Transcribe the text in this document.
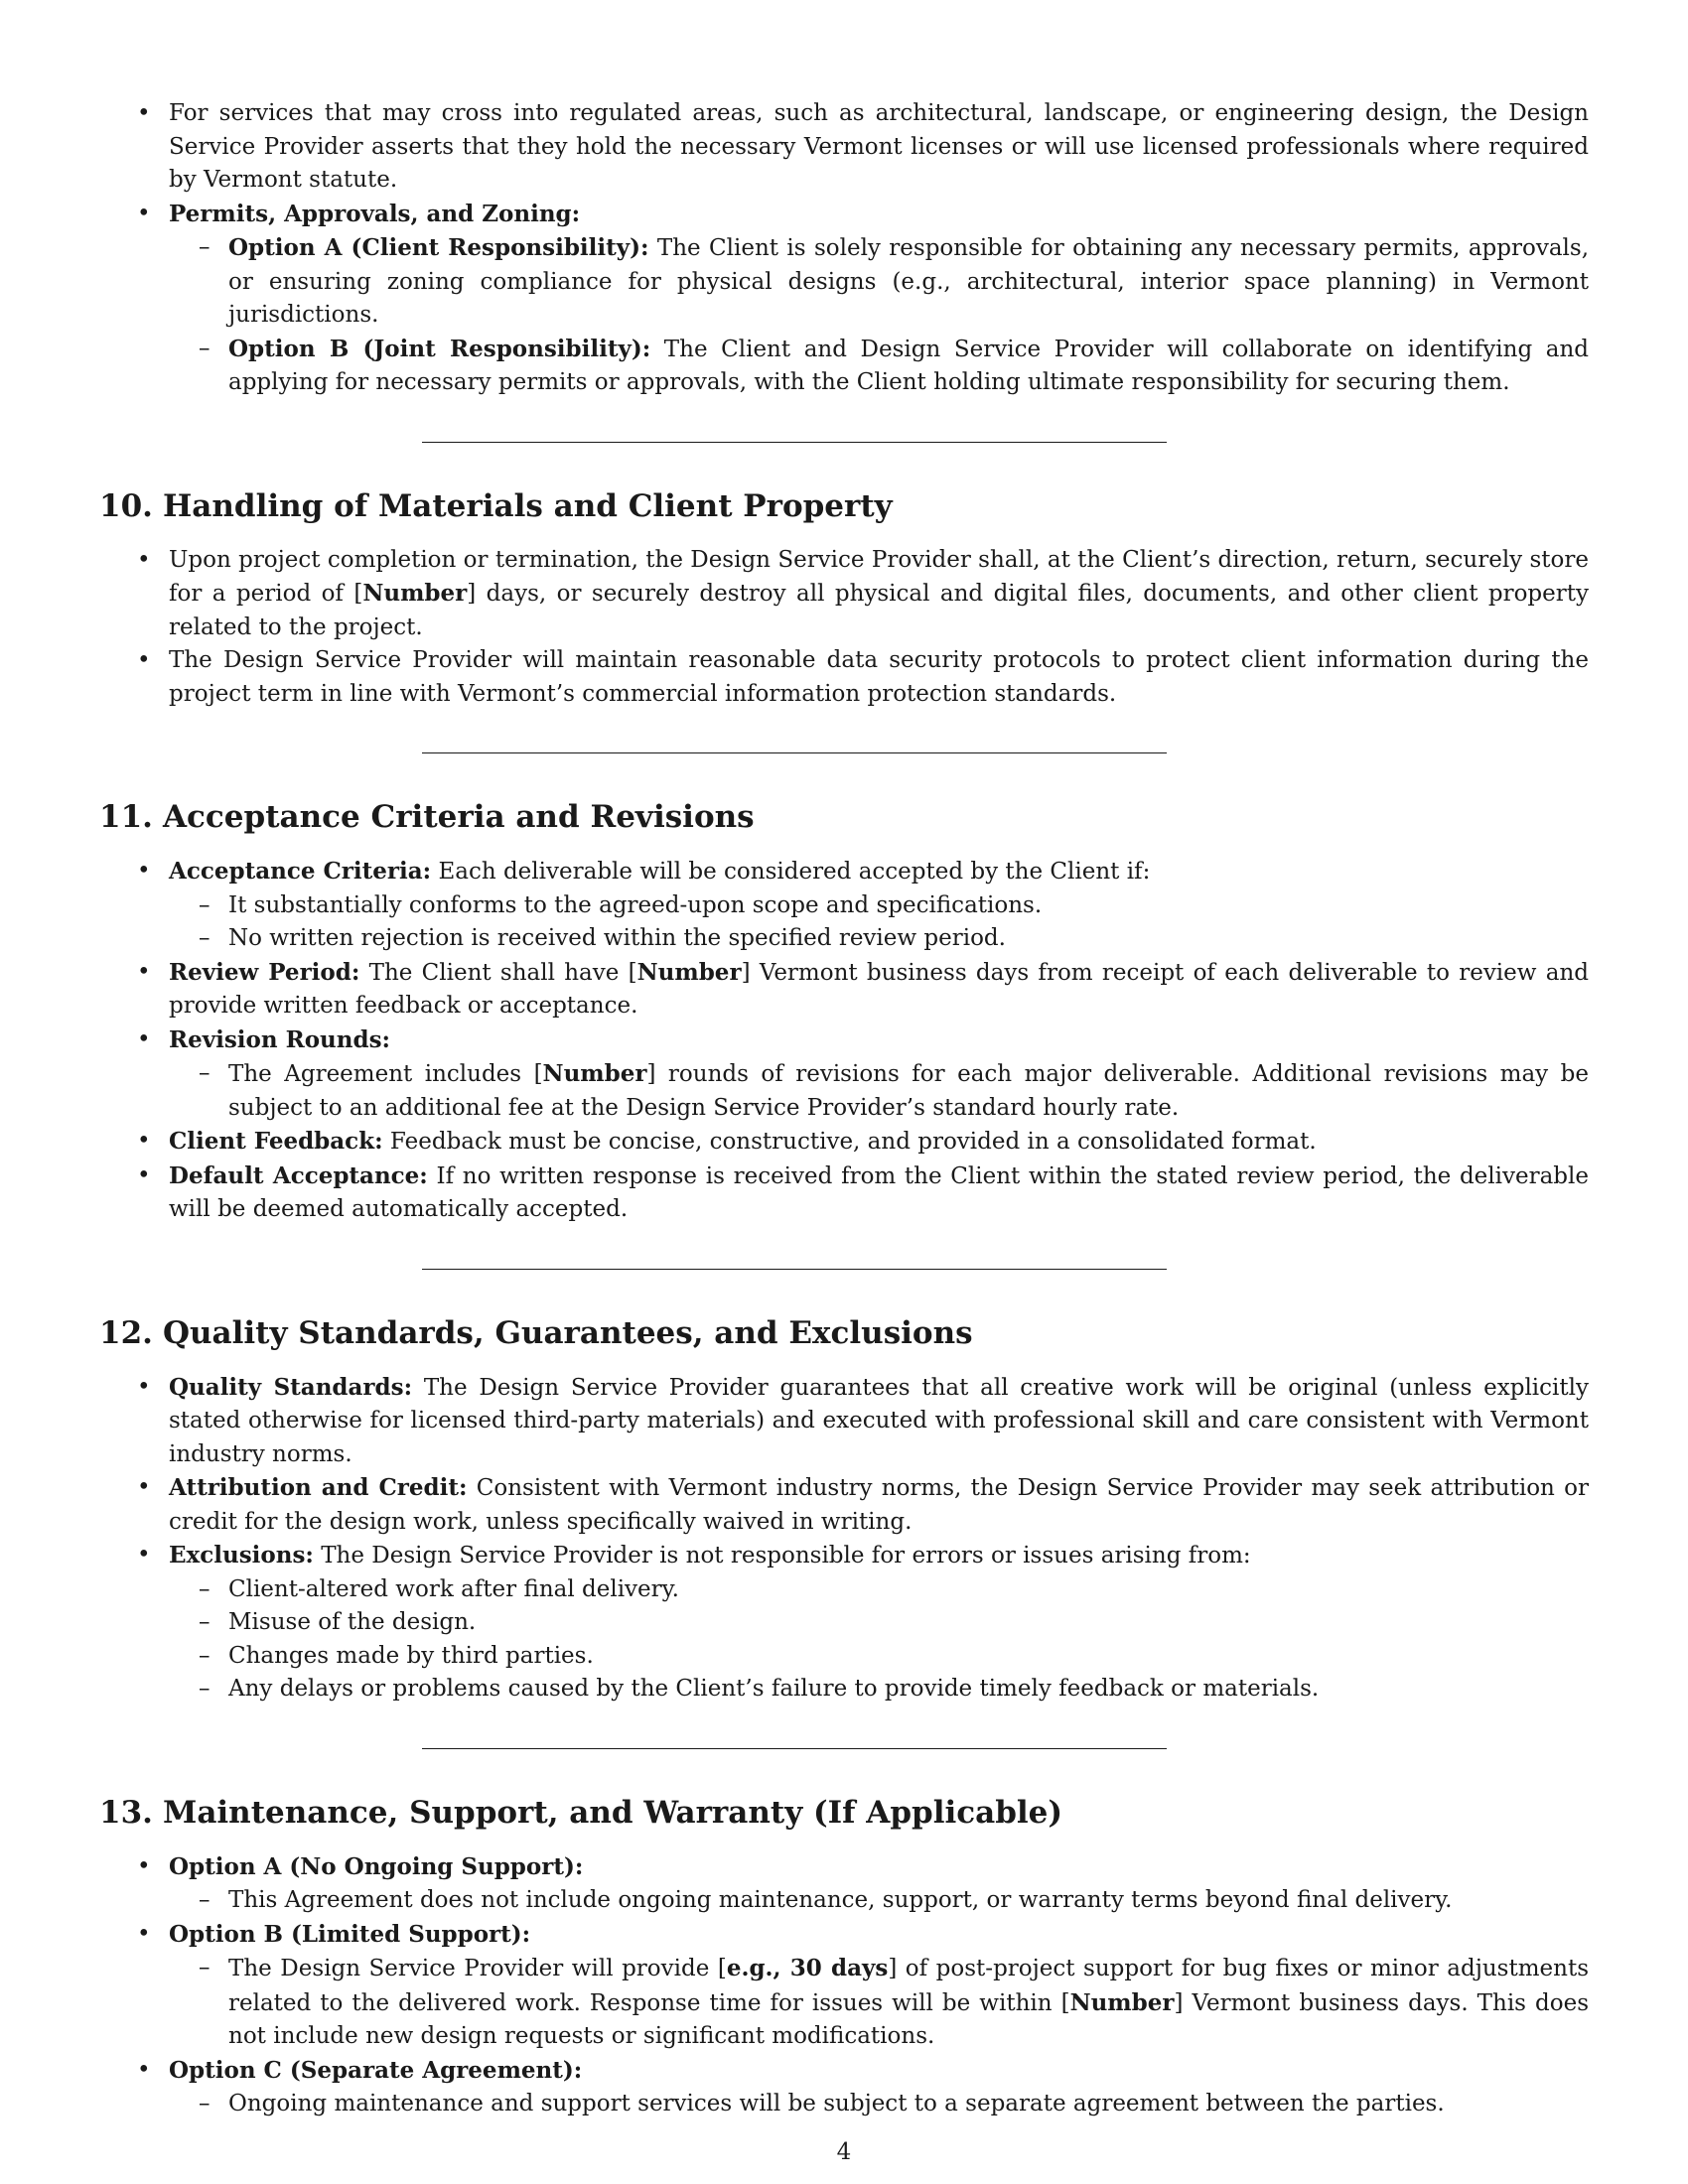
• For services that may cross into regulated areas, such as architectural, landscape, or engineering design, the Design Service Provider asserts that they hold the necessary Vermont licenses or will use licensed professionals where required by Vermont statute.
• Permits, Approvals, and Zoning:
– Option A (Client Responsibility): The Client is solely responsible for obtaining any necessary permits, approvals, or ensuring zoning compliance for physical designs (e.g., architectural, interior space planning) in Vermont jurisdictions.
– Option B (Joint Responsibility): The Client and Design Service Provider will collaborate on identifying and applying for necessary permits or approvals, with the Client holding ultimate responsibility for securing them.
10. Handling of Materials and Client Property
• Upon project completion or termination, the Design Service Provider shall, at the Client’s direction, return, securely store for a period of [Number] days, or securely destroy all physical and digital files, documents, and other client property related to the project.
• The Design Service Provider will maintain reasonable data security protocols to protect client information during the project term in line with Vermont’s commercial information protection standards.
11. Acceptance Criteria and Revisions
• Acceptance Criteria: Each deliverable will be considered accepted by the Client if:
– It substantially conforms to the agreed-upon scope and specifications.
– No written rejection is received within the specified review period.
• Review Period: The Client shall have [Number] Vermont business days from receipt of each deliverable to review and provide written feedback or acceptance.
• Revision Rounds:
– The Agreement includes [Number] rounds of revisions for each major deliverable. Additional revisions may be subject to an additional fee at the Design Service Provider’s standard hourly rate.
• Client Feedback: Feedback must be concise, constructive, and provided in a consolidated format.
• Default Acceptance: If no written response is received from the Client within the stated review period, the deliverable will be deemed automatically accepted.
12. Quality Standards, Guarantees, and Exclusions
• Quality Standards: The Design Service Provider guarantees that all creative work will be original (unless explicitly stated otherwise for licensed third-party materials) and executed with professional skill and care consistent with Vermont industry norms.
• Attribution and Credit: Consistent with Vermont industry norms, the Design Service Provider may seek attribution or credit for the design work, unless specifically waived in writing.
• Exclusions: The Design Service Provider is not responsible for errors or issues arising from:
– Client-altered work after final delivery.
– Misuse of the design.
– Changes made by third parties.
– Any delays or problems caused by the Client’s failure to provide timely feedback or materials.
13. Maintenance, Support, and Warranty (If Applicable)
• Option A (No Ongoing Support):
– This Agreement does not include ongoing maintenance, support, or warranty terms beyond final delivery.
• Option B (Limited Support):
– The Design Service Provider will provide [e.g., 30 days] of post-project support for bug fixes or minor adjustments related to the delivered work. Response time for issues will be within [Number] Vermont business days. This does not include new design requests or significant modifications.
• Option C (Separate Agreement):
– Ongoing maintenance and support services will be subject to a separate agreement between the parties.
4
